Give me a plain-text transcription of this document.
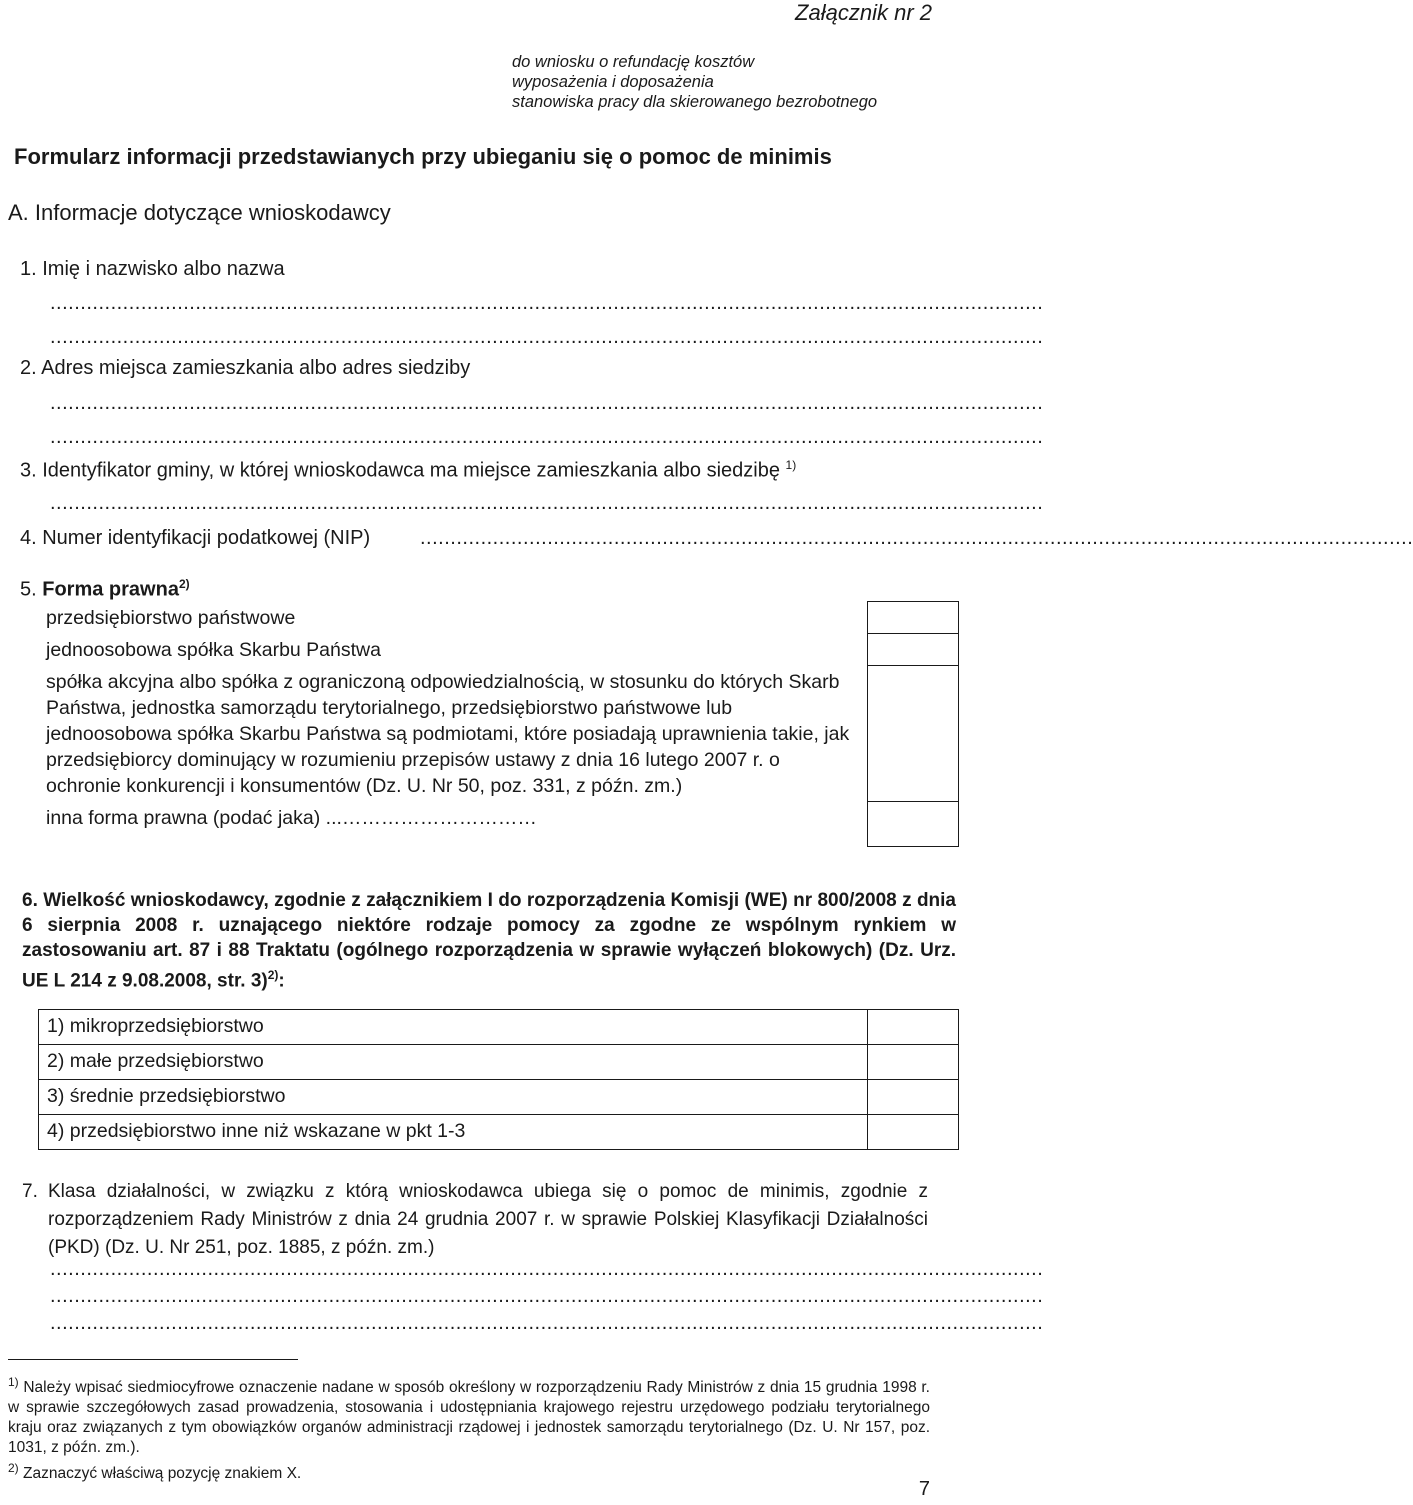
Załącznik nr 2
do wniosku o refundację kosztów
wyposażenia i doposażenia
stanowiska pracy dla skierowanego bezrobotnego
Formularz informacji przedstawianych przy ubieganiu się o pomoc de minimis
A. Informacje dotyczące wnioskodawcy
1. Imię i nazwisko albo nazwa
....................................................................................................................................................................
....................................................................................................................................................................
2. Adres miejsca zamieszkania albo adres siedziby
....................................................................................................................................................................
....................................................................................................................................................................
3. Identyfikator gminy, w której wnioskodawca ma miejsce zamieszkania albo siedzibę $^{1)}$
....................................................................................................................................................................
4. Numer identyfikacji podatkowej (NIP) ....................................................................................................................................................................
5. Forma prawna$^{2)}$
przedsiębiorstwo państwowe	
jednoosobowa spółka Skarbu Państwa	
spółka akcyjna albo spółka z ograniczoną odpowiedzialnością, w stosunku do których Skarb Państwa, jednostka samorządu terytorialnego, przedsiębiorstwo państwowe lub jednoosobowa spółka Skarbu Państwa są podmiotami, które posiadają uprawnienia takie, jak przedsiębiorcy dominujący w rozumieniu przepisów ustawy z dnia 16 lutego 2007 r. o ochronie konkurencji i konsumentów (Dz. U. Nr 50, poz. 331, z późn. zm.)	
inna forma prawna (podać jaka) ...…………………………	
6. Wielkość wnioskodawcy, zgodnie z załącznikiem I do rozporządzenia Komisji (WE) nr 800/2008 z dnia 6 sierpnia 2008 r. uznającego niektóre rodzaje pomocy za zgodne ze wspólnym rynkiem w zastosowaniu art. 87 i 88 Traktatu (ogólnego rozporządzenia w sprawie wyłączeń blokowych) (Dz. Urz. UE L 214 z 9.08.2008, str. 3)$^{2)}$:
1) mikroprzedsiębiorstwo	
2) małe przedsiębiorstwo	
3) średnie przedsiębiorstwo	
4) przedsiębiorstwo inne niż wskazane w pkt 1-3	
7. Klasa działalności, w związku z którą wnioskodawca ubiega się o pomoc de minimis, zgodnie z rozporządzeniem Rady Ministrów z dnia 24 grudnia 2007 r. w sprawie Polskiej Klasyfikacji Działalności (PKD) (Dz. U. Nr 251, poz. 1885, z późn. zm.)
....................................................................................................................................................................
....................................................................................................................................................................
....................................................................................................................................................................
$^{1)}$ Należy wpisać siedmiocyfrowe oznaczenie nadane w sposób określony w rozporządzeniu Rady Ministrów z dnia 15 grudnia 1998 r. w sprawie szczegółowych zasad prowadzenia, stosowania i udostępniania krajowego rejestru urzędowego podziału terytorialnego kraju oraz związanych z tym obowiązków organów administracji rządowej i jednostek samorządu terytorialnego (Dz. U. Nr 157, poz. 1031, z późn. zm.).
$^{2)}$ Zaznaczyć właściwą pozycję znakiem X.
7
